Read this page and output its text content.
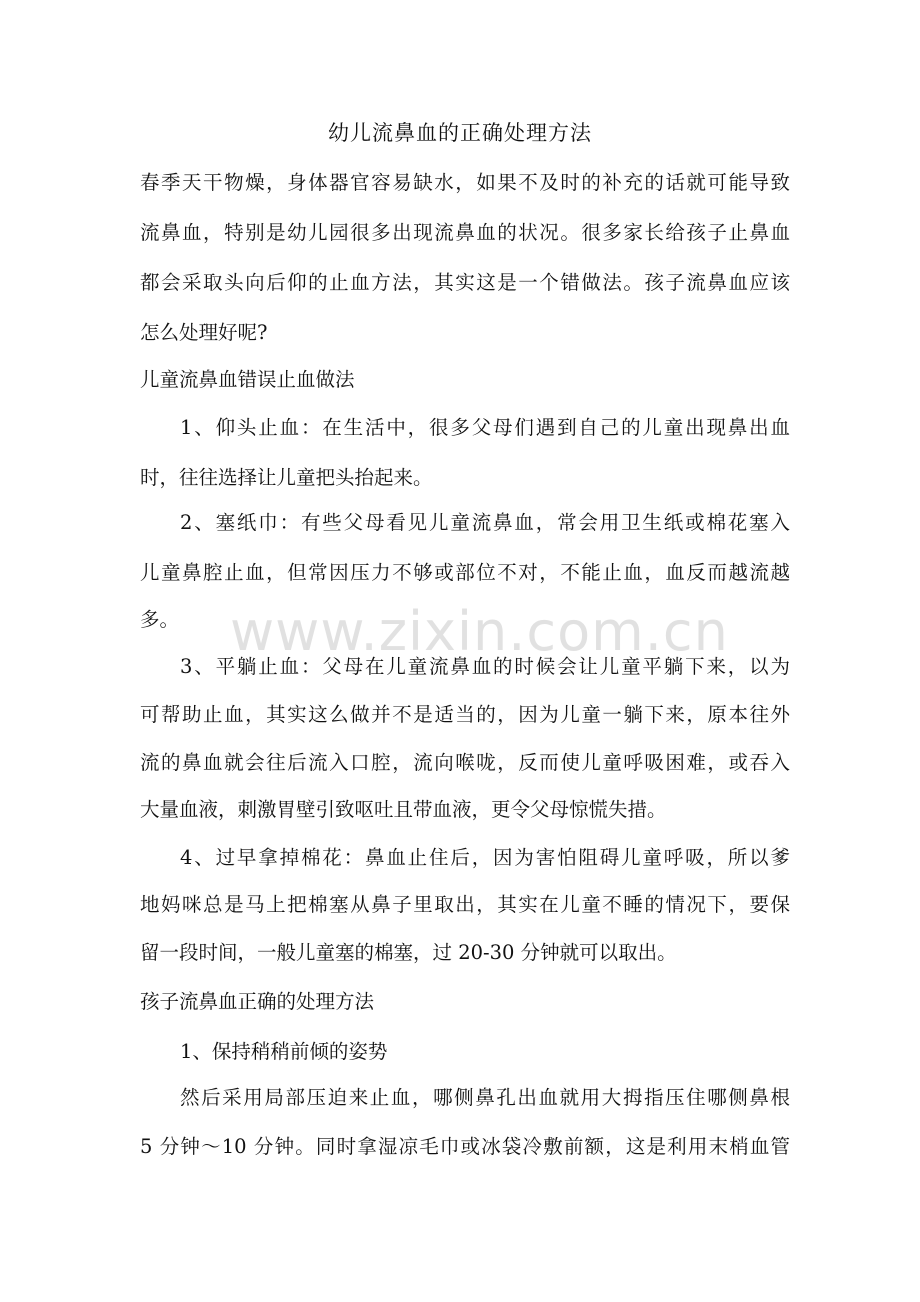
幼儿流鼻血的正确处理方法
春季天干物燥，身体器官容易缺水，如果不及时的补充的话就可能导致
流鼻血，特别是幼儿园很多出现流鼻血的状况。很多家长给孩子止鼻血
都会采取头向后仰的止血方法，其实这是一个错做法。孩子流鼻血应该
怎么处理好呢?
儿童流鼻血错误止血做法
1、仰头止血：在生活中，很多父母们遇到自己的儿童出现鼻出血
时，往往选择让儿童把头抬起来。
2、塞纸巾：有些父母看见儿童流鼻血，常会用卫生纸或棉花塞入
儿童鼻腔止血，但常因压力不够或部位不对，不能止血，血反而越流越
多。
3、平躺止血：父母在儿童流鼻血的时候会让儿童平躺下来，以为
可帮助止血，其实这么做并不是适当的，因为儿童一躺下来，原本往外
流的鼻血就会往后流入口腔，流向喉咙，反而使儿童呼吸困难，或吞入
大量血液，刺激胃壁引致呕吐且带血液，更令父母惊慌失措。
4、过早拿掉棉花：鼻血止住后，因为害怕阻碍儿童呼吸，所以爹
地妈咪总是马上把棉塞从鼻子里取出，其实在儿童不睡的情况下，要保
留一段时间，一般儿童塞的棉塞，过 20-30 分钟就可以取出。
孩子流鼻血正确的处理方法
1、保持稍稍前倾的姿势
然后采用局部压迫来止血，哪侧鼻孔出血就用大拇指压住哪侧鼻根
5 分钟～10 分钟。同时拿湿凉毛巾或冰袋冷敷前额，这是利用末梢血管
www.zixin.com.cn
